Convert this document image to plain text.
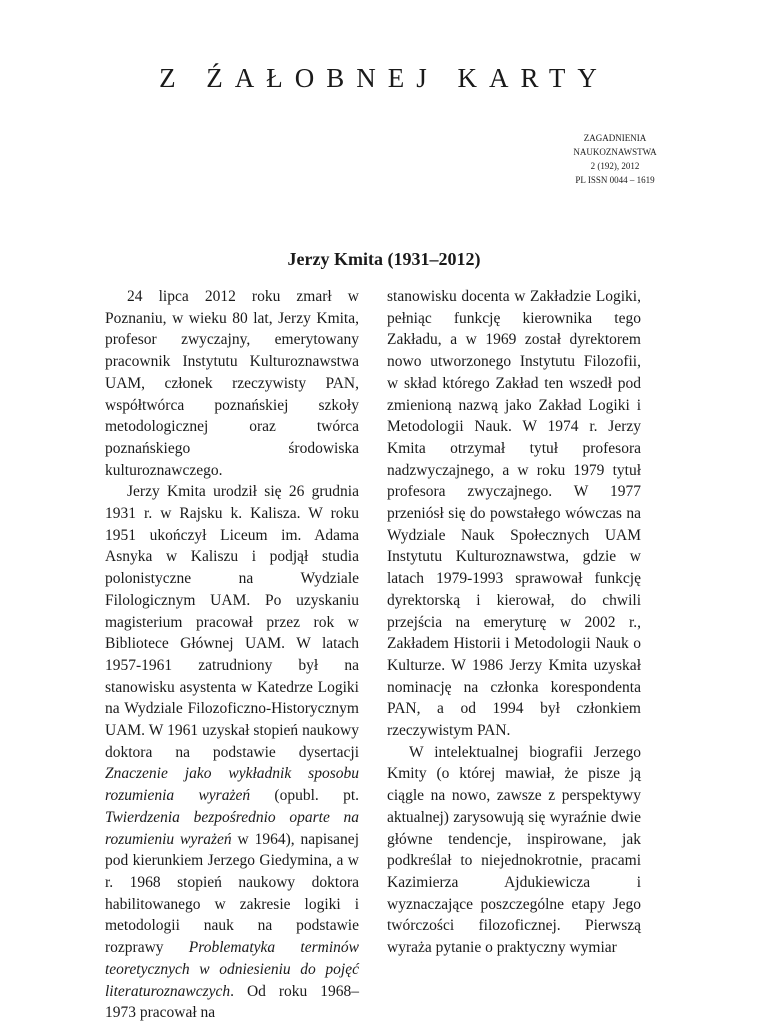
Z ŹAŁOBNEJ KARTY
ZAGADNIENIA
NAUKOZNAWSTWA
2 (192), 2012
PL ISSN 0044 – 1619
Jerzy Kmita (1931–2012)

24 lipca 2012 roku zmarł w Poznaniu, w wieku 80 lat, Jerzy Kmita, profesor zwyczajny, emerytowany pracownik Instytutu Kulturoznawstwa UAM, członek rzeczywisty PAN, współtwórca poznańskiej szkoły metodologicznej oraz twórca poznańskiego środowiska kulturoznawczego.

Jerzy Kmita urodził się 26 grudnia 1931 r. w Rajsku k. Kalisza. W roku 1951 ukończył Liceum im. Adama Asnyka w Kaliszu i podjął studia polonistyczne na Wydziale Filologicznym UAM. Po uzyskaniu magisterium pracował przez rok w Bibliotece Głównej UAM. W latach 1957-1961 zatrudniony był na stanowisku asystenta w Katedrze Logiki na Wydziale Filozoficzno-Historycznym UAM. W 1961 uzyskał stopień naukowy doktora na podstawie dysertacji Znaczenie jako wykładnik sposobu rozumienia wyrażeń (opubl. pt. Twierdzenia bezpośrednio oparte na rozumieniu wyrażeń w 1964), napisanej pod kierunkiem Jerzego Giedymina, a w r. 1968 stopień naukowy doktora habilitowanego w zakresie logiki i metodologii nauk na podstawie rozprawy Problematyka terminów teoretycznych w odniesieniu do pojęć literaturoznawczych. Od roku 1968–1973 pracował na

stanowisku docenta w Zakładzie Logiki, pełniąc funkcję kierownika tego Zakładu, a w 1969 został dyrektorem nowo utworzonego Instytutu Filozofii, w skład którego Zakład ten wszedł pod zmienioną nazwą jako Zakład Logiki i Metodologii Nauk. W 1974 r. Jerzy Kmita otrzymał tytuł profesora nadzwyczajnego, a w roku 1979 tytuł profesora zwyczajnego. W 1977 przeniósł się do powstałego wówczas na Wydziale Nauk Społecznych UAM Instytutu Kulturoznawstwa, gdzie w latach 1979-1993 sprawował funkcję dyrektorską i kierował, do chwili przejścia na emeryturę w 2002 r., Zakładem Historii i Metodologii Nauk o Kulturze. W 1986 Jerzy Kmita uzyskał nominację na członka korespondenta PAN, a od 1994 był członkiem rzeczywistym PAN.

W intelektualnej biografii Jerzego Kmity (o której mawiał, że pisze ją ciągle na nowo, zawsze z perspektywy aktualnej) zarysowują się wyraźnie dwie główne tendencje, inspirowane, jak podkreślał to niejednokrotnie, pracami Kazimierza Ajdukiewicza i wyznaczające poszczególne etapy Jego twórczości filozoficznej. Pierwszą wyraża pytanie o praktyczny wymiar
